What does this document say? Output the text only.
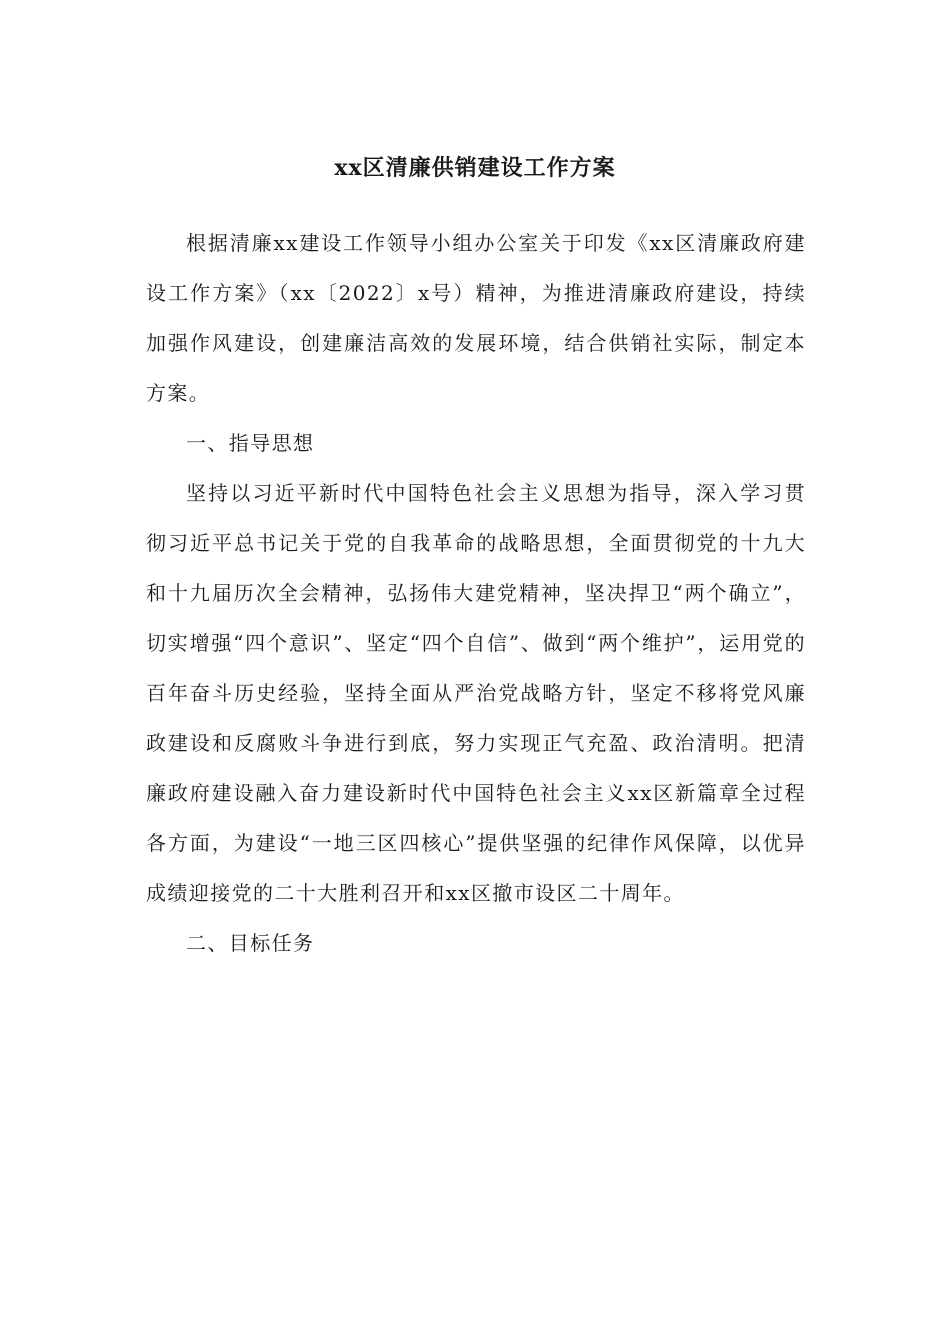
xx区清廉供销建设工作方案

根据清廉xx建设工作领导小组办公室关于印发《xx区清廉政府建设工作方案》（xx〔2022〕x号）精神，为推进清廉政府建设，持续加强作风建设，创建廉洁高效的发展环境，结合供销社实际，制定本方案。

一、指导思想

坚持以习近平新时代中国特色社会主义思想为指导，深入学习贯彻习近平总书记关于党的自我革命的战略思想，全面贯彻党的十九大和十九届历次全会精神，弘扬伟大建党精神，坚决捍卫“两个确立”，切实增强“四个意识”、坚定“四个自信”、做到“两个维护”，运用党的百年奋斗历史经验，坚持全面从严治党战略方针，坚定不移将党风廉政建设和反腐败斗争进行到底，努力实现正气充盈、政治清明。把清廉政府建设融入奋力建设新时代中国特色社会主义xx区新篇章全过程各方面，为建设“一地三区四核心”提供坚强的纪律作风保障，以优异成绩迎接党的二十大胜利召开和xx区撤市设区二十周年。

二、目标任务
